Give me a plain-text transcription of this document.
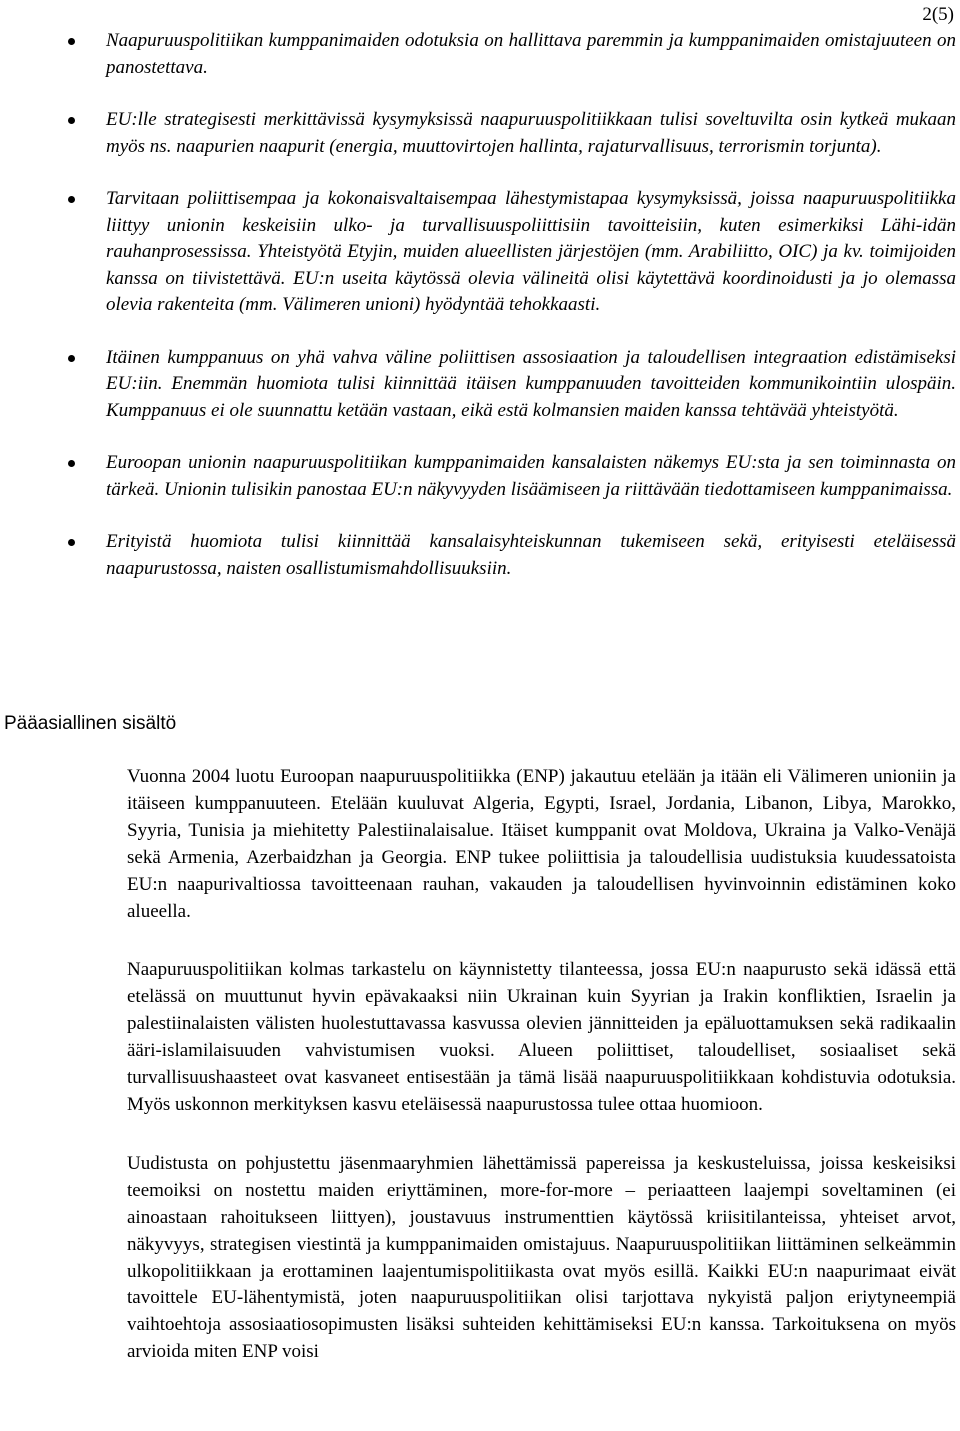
2(5)
Naapuruuspolitiikan kumppanimaiden odotuksia on hallittava paremmin ja kumppanimaiden omistajuuteen on panostettava.
EU:lle strategisesti merkittävissä kysymyksissä naapuruuspolitiikkaan tulisi soveltuvilta osin kytkeä mukaan myös ns. naapurien naapurit (energia, muuttovirtojen hallinta, rajaturvallisuus, terrorismin torjunta).
Tarvitaan poliittisempaa ja kokonaisvaltaisempaa lähestymistapaa kysymyksissä, joissa naapuruuspolitiikka liittyy unionin keskeisiin ulko- ja turvallisuuspoliittisiin tavoitteisiin, kuten esimerkiksi Lähi-idän rauhanprosessissa. Yhteistyötä Etyjin, muiden alueellisten järjestöjen (mm. Arabiliitto, OIC) ja kv. toimijoiden kanssa on tiivistettävä. EU:n useita käytössä olevia välineitä olisi käytettävä koordinoidusti ja jo olemassa olevia rakenteita (mm. Välimeren unioni) hyödyntää tehokkaasti.
Itäinen kumppanuus on yhä vahva väline poliittisen assosiaation ja taloudellisen integraation edistämiseksi EU:iin. Enemmän huomiota tulisi kiinnittää itäisen kumppanuuden tavoitteiden kommunikointiin ulospäin. Kumppanuus ei ole suunnattu ketään vastaan, eikä estä kolmansien maiden kanssa tehtävää yhteistyötä.
Euroopan unionin naapuruuspolitiikan kumppanimaiden kansalaisten näkemys EU:sta ja sen toiminnasta on tärkeä. Unionin tulisikin panostaa EU:n näkyvyyden lisäämiseen ja riittävään tiedottamiseen kumppanimaissa.
Erityistä huomiota tulisi kiinnittää kansalaisyhteiskunnan tukemiseen sekä, erityisesti eteläisessä naapurustossa, naisten osallistumismahdollisuuksiin.
Pääasiallinen sisältö

Vuonna 2004 luotu Euroopan naapuruuspolitiikka (ENP) jakautuu etelään ja itään eli Välimeren unioniin ja itäiseen kumppanuuteen. Etelään kuuluvat Algeria, Egypti, Israel, Jordania, Libanon, Libya, Marokko, Syyria, Tunisia ja miehitetty Palestiinalaisalue. Itäiset kumppanit ovat Moldova, Ukraina ja Valko-Venäjä sekä Armenia, Azerbaidzhan ja Georgia. ENP tukee poliittisia ja taloudellisia uudistuksia kuudessatoista EU:n naapurivaltiossa tavoitteenaan rauhan, vakauden ja taloudellisen hyvinvoinnin edistäminen koko alueella.

Naapuruuspolitiikan kolmas tarkastelu on käynnistetty tilanteessa, jossa EU:n naapurusto sekä idässä että etelässä on muuttunut hyvin epävakaaksi niin Ukrainan kuin Syyrian ja Irakin konfliktien, Israelin ja palestiinalaisten välisten huolestuttavassa kasvussa olevien jännitteiden ja epäluottamuksen sekä radikaalin ääri-islamilaisuuden vahvistumisen vuoksi. Alueen poliittiset, taloudelliset, sosiaaliset sekä turvallisuushaasteet ovat kasvaneet entisestään ja tämä lisää naapuruuspolitiikkaan kohdistuvia odotuksia. Myös uskonnon merkityksen kasvu eteläisessä naapurustossa tulee ottaa huomioon.

Uudistusta on pohjustettu jäsenmaaryhmien lähettämissä papereissa ja keskusteluissa, joissa keskeisiksi teemoiksi on nostettu maiden eriyttäminen, more-for-more – periaatteen laajempi soveltaminen (ei ainoastaan rahoitukseen liittyen), joustavuus instrumenttien käytössä kriisitilanteissa, yhteiset arvot, näkyvyys, strategisen viestintä ja kumppanimaiden omistajuus. Naapuruuspolitiikan liittäminen selkeämmin ulkopolitiikkaan ja erottaminen laajentumispolitiikasta ovat myös esillä. Kaikki EU:n naapurimaat eivät tavoittele EU-lähentymistä, joten naapuruuspolitiikan olisi tarjottava nykyistä paljon eriytyneempiä vaihtoehtoja assosiaatiosopimusten lisäksi suhteiden kehittämiseksi EU:n kanssa. Tarkoituksena on myös arvioida miten ENP voisi
